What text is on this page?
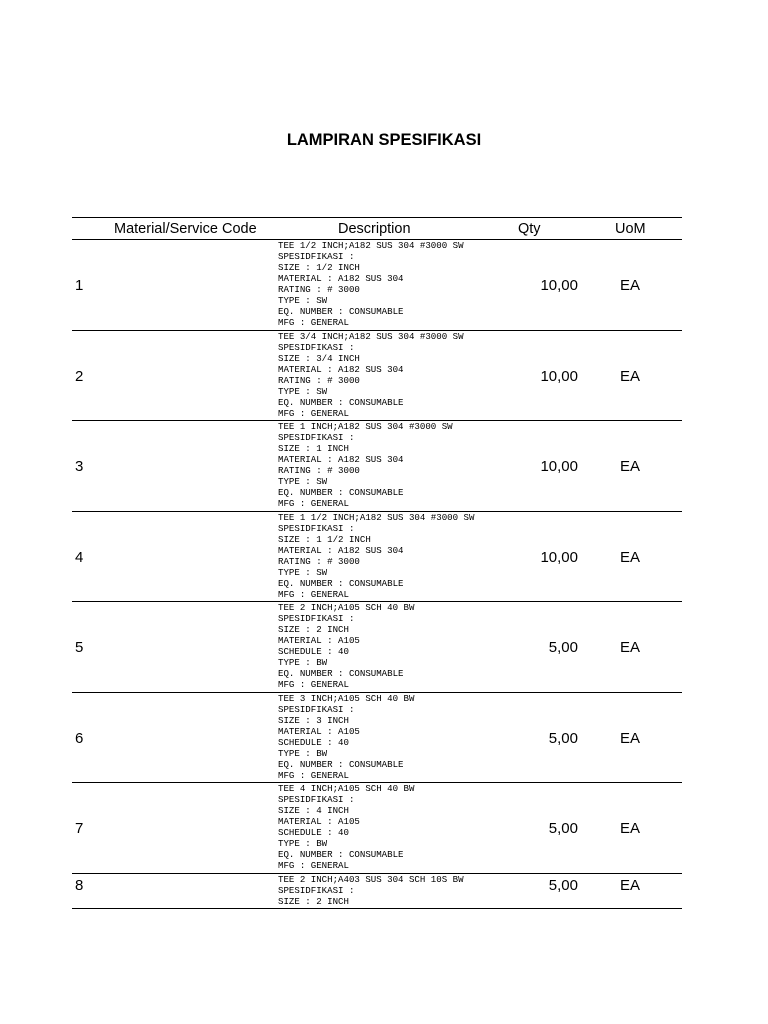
LAMPIRAN SPESIFIKASI
Material/Service Code	Description	Qty	UoM
1
TEE 1/2 INCH;A182 SUS 304 #3000 SW
SPESIDFIKASI :
SIZE : 1/2 INCH
MATERIAL : A182 SUS 304
RATING : # 3000
TYPE : SW
EQ. NUMBER : CONSUMABLE
MFG : GENERAL
10,00	EA
2
TEE 3/4 INCH;A182 SUS 304 #3000 SW
SPESIDFIKASI :
SIZE : 3/4 INCH
MATERIAL : A182 SUS 304
RATING : # 3000
TYPE : SW
EQ. NUMBER : CONSUMABLE
MFG : GENERAL
10,00	EA
3
TEE 1 INCH;A182 SUS 304 #3000 SW
SPESIDFIKASI :
SIZE : 1 INCH
MATERIAL : A182 SUS 304
RATING : # 3000
TYPE : SW
EQ. NUMBER : CONSUMABLE
MFG : GENERAL
10,00	EA
4
TEE 1 1/2 INCH;A182 SUS 304 #3000 SW
SPESIDFIKASI :
SIZE : 1 1/2 INCH
MATERIAL : A182 SUS 304
RATING : # 3000
TYPE : SW
EQ. NUMBER : CONSUMABLE
MFG : GENERAL
10,00	EA
5
TEE 2 INCH;A105 SCH 40 BW
SPESIDFIKASI :
SIZE : 2 INCH
MATERIAL : A105
SCHEDULE : 40
TYPE : BW
EQ. NUMBER : CONSUMABLE
MFG : GENERAL
5,00	EA
6
TEE 3 INCH;A105 SCH 40 BW
SPESIDFIKASI :
SIZE : 3 INCH
MATERIAL : A105
SCHEDULE : 40
TYPE : BW
EQ. NUMBER : CONSUMABLE
MFG : GENERAL
5,00	EA
7
TEE 4 INCH;A105 SCH 40 BW
SPESIDFIKASI :
SIZE : 4 INCH
MATERIAL : A105
SCHEDULE : 40
TYPE : BW
EQ. NUMBER : CONSUMABLE
MFG : GENERAL
5,00	EA
8	TEE 2 INCH;A403 SUS 304 SCH 10S BW
SPESIDFIKASI :
SIZE : 2 INCH
5,00	EA
